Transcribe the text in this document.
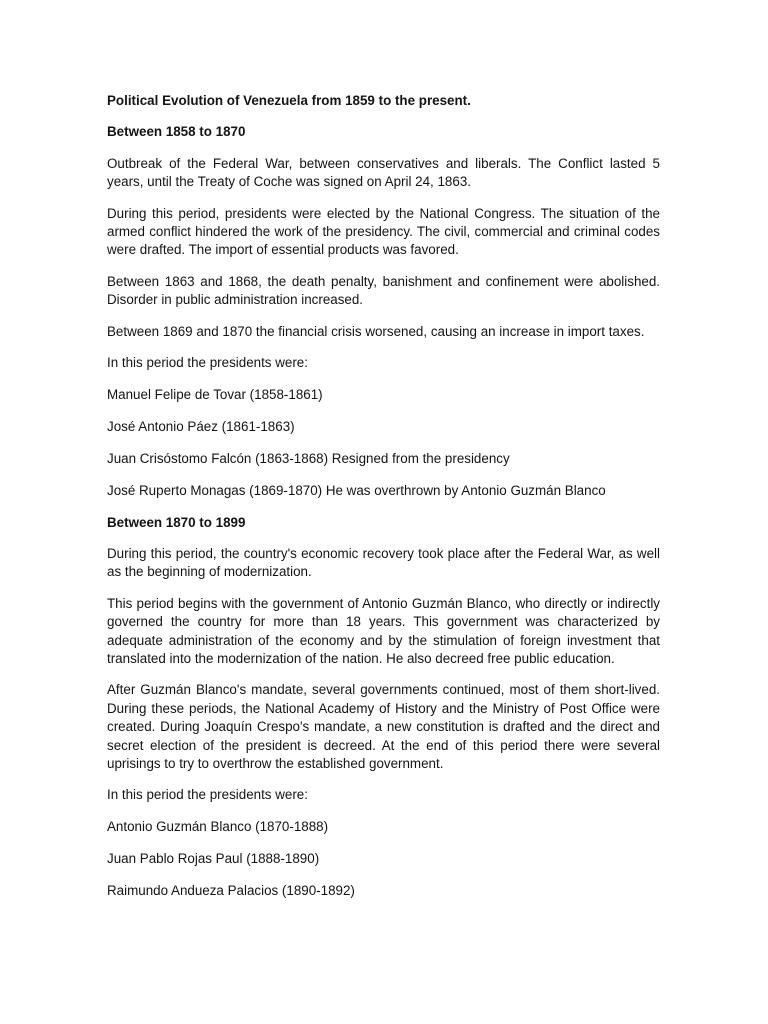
Political Evolution of Venezuela from 1859 to the present.

Between 1858 to 1870

Outbreak of the Federal War, between conservatives and liberals. The Conflict lasted 5 years, until the Treaty of Coche was signed on April 24, 1863.

During this period, presidents were elected by the National Congress. The situation of the armed conflict hindered the work of the presidency. The civil, commercial and criminal codes were drafted. The import of essential products was favored.

Between 1863 and 1868, the death penalty, banishment and confinement were abolished. Disorder in public administration increased.

Between 1869 and 1870 the financial crisis worsened, causing an increase in import taxes.

In this period the presidents were:

Manuel Felipe de Tovar (1858-1861)

José Antonio Páez (1861-1863)

Juan Crisóstomo Falcón (1863-1868) Resigned from the presidency

José Ruperto Monagas (1869-1870) He was overthrown by Antonio Guzmán Blanco

Between 1870 to 1899

During this period, the country's economic recovery took place after the Federal War, as well as the beginning of modernization.

This period begins with the government of Antonio Guzmán Blanco, who directly or indirectly governed the country for more than 18 years. This government was characterized by adequate administration of the economy and by the stimulation of foreign investment that translated into the modernization of the nation. He also decreed free public education.

After Guzmán Blanco's mandate, several governments continued, most of them short-lived. During these periods, the National Academy of History and the Ministry of Post Office were created. During Joaquín Crespo's mandate, a new constitution is drafted and the direct and secret election of the president is decreed. At the end of this period there were several uprisings to try to overthrow the established government.

In this period the presidents were:

Antonio Guzmán Blanco (1870-1888)

Juan Pablo Rojas Paul (1888-1890)

Raimundo Andueza Palacios (1890-1892)
